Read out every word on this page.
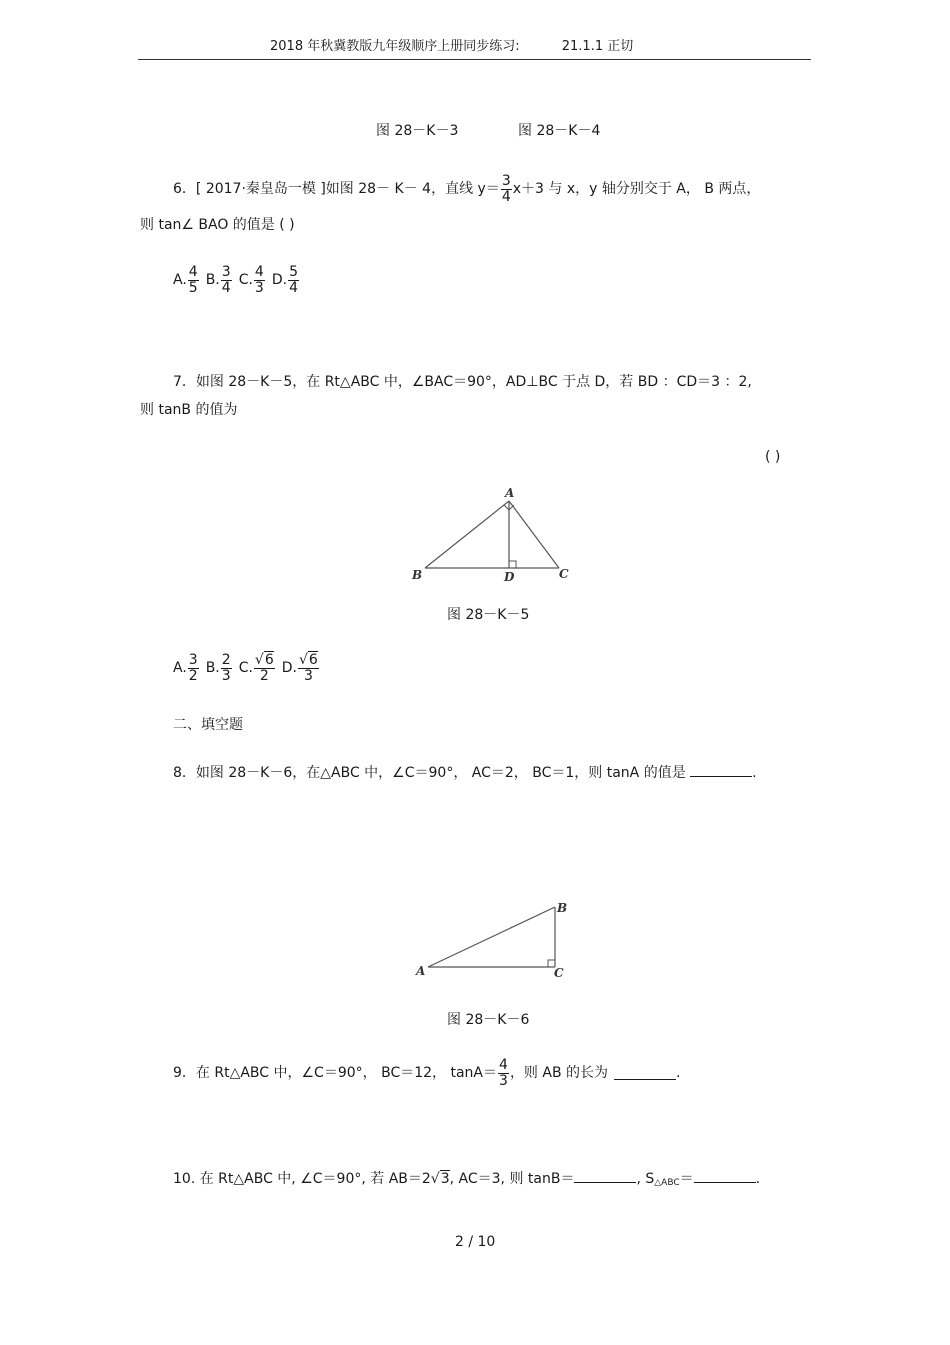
2018 年秋冀教版九年级顺序上册同步练习:	21.1.1 正切
图 28－K－3	图 28－K－4
6．[ 2017·秦皇岛一模 ]如图 28－ K－ 4，直线 $y= \frac{3}{4} x+3$ 与 x，y 轴分别交于 A， B 两点，
则 tan∠ BAO 的值是 ( )
A. $\frac{4}{5} B$. $\frac{3}{4} C$. $\frac{4}{3} D$. $\frac{5}{4}$
7．如图 28－K－5，在 Rt△ABC 中，∠BAC＝90°，AD⊥BC 于点 D，若 BD ：CD＝3 ：2,
则 tanB 的值为
( )
A
B	D	C
图 28－K－5
A. $\frac{3}{2} B$. $\frac{2}{3} C$. $\frac{√6}{2} D$. $\frac{√6}{3}$
二、填空题
8．如图 28－K－6，在△ABC 中，∠C＝90°， AC＝2， BC＝1，则 tanA 的值是	.
A
B
C
图 28－K－6
9．在 Rt△ABC 中，∠C＝90°， BC＝12， $\tan A= \frac{4}{3}$ ，则 AB 的长为	.
10. 在 Rt△ABC 中, ∠C＝90°, 若 AB＝2√3, AC＝3, 则 tanB＝	, $S_{\triangle ABC}=$	.
2 / 10
